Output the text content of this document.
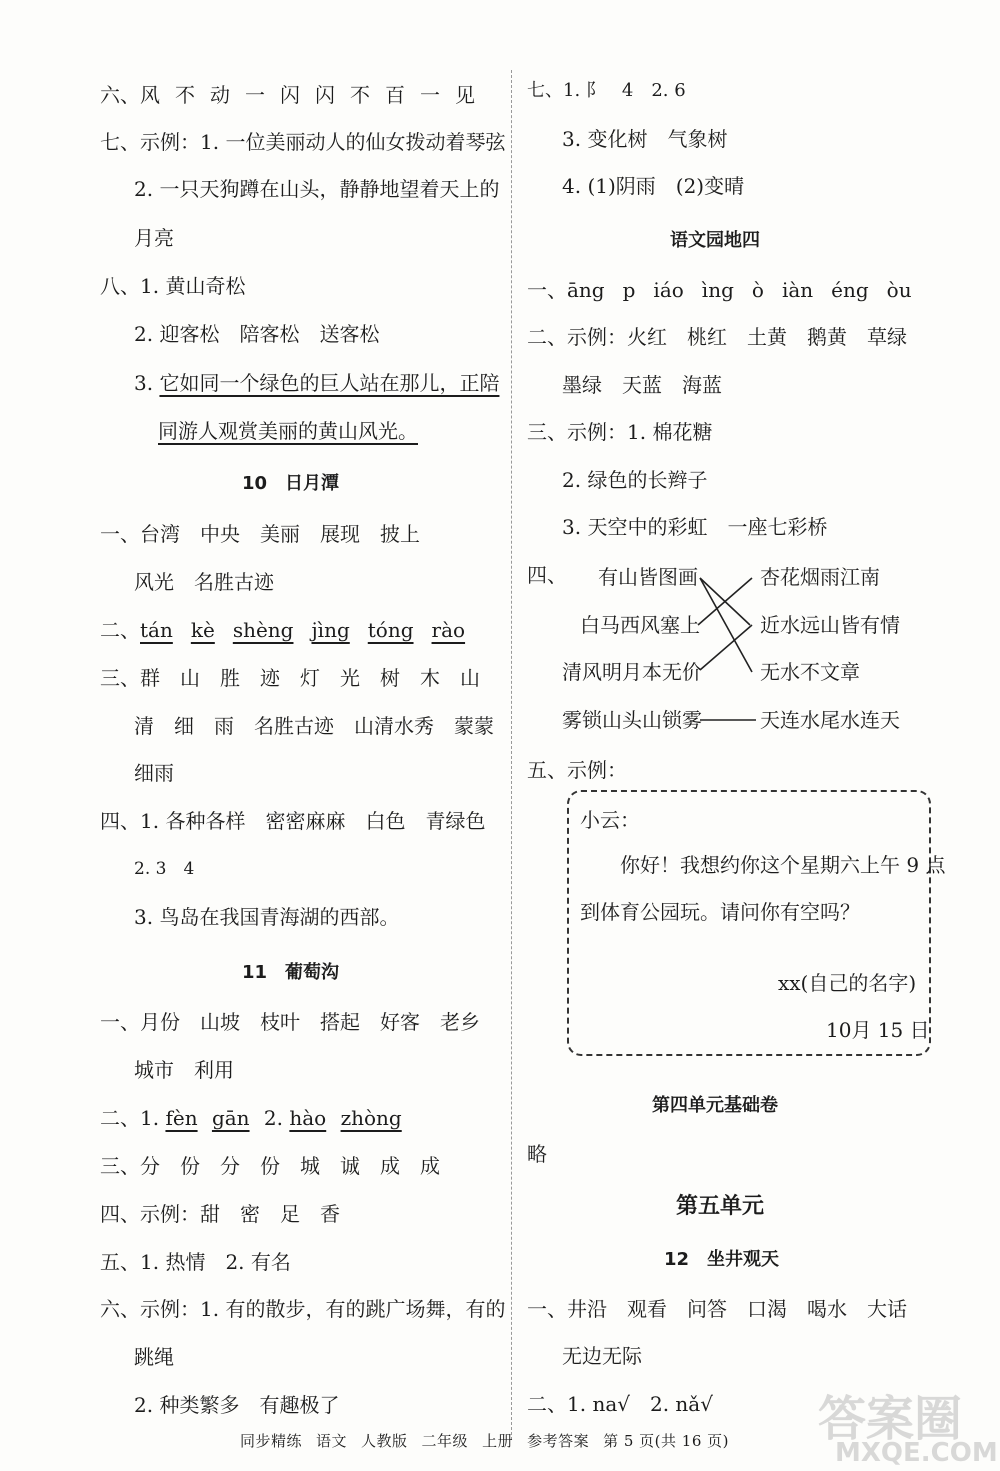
六、风 不 动 一 闪 闪 不 百 一 见
七、示例：1. 一位美丽动人的仙女拨动着琴弦
2. 一只天狗蹲在山头，静静地望着天上的
月亮
八、1. 黄山奇松
2. 迎客松　陪客松　送客松
3. 它如同一个绿色的巨人站在那儿，正陪
同游人观赏美丽的黄山风光。
10　日月潭
一、台湾　中央　美丽　展现　披上
风光　名胜古迹
二、tán kè shèng jìng tóng rào
三、群　山　胜　迹　灯　光　树　木　山
清　细　雨　名胜古迹　山清水秀　蒙蒙
细雨
四、1. 各种各样　密密麻麻　白色　青绿色
2. 3　4
3. 鸟岛在我国青海湖的西部。
11　葡萄沟
一、月份　山坡　枝叶　搭起　好客　老乡
城市　利用
二、1. fèn gān 2. hào zhòng
三、分　份　分　份　城　诚　成　成
四、示例：甜　密　足　香
五、1. 热情　2. 有名
六、示例：1. 有的散步，有的跳广场舞，有的
跳绳
2. 种类繁多　有趣极了
七、1. 阝　4　2. 6
3. 变化树　气象树
4. (1)阴雨　(2)变晴
语文园地四
一、āng p iáo ìng ò iàn éng òu
二、示例：火红　桃红　土黄　鹅黄　草绿
墨绿　天蓝　海蓝
三、示例：1. 棉花糖
2. 绿色的长辫子
3. 天空中的彩虹　一座七彩桥
四、 有山皆图画
白马西风塞上
清风明月本无价
雾锁山头山锁雾
杏花烟雨江南
近水远山皆有情
无水不文章
天连水尾水连天
五、示例：
小云：
你好！我想约你这个星期六上午 9 点
到体育公园玩。请问你有空吗？
xx(自己的名字)
10月 15 日
第四单元基础卷
略
第五单元
12　坐井观天
一、井沿　观看　问答　口渴　喝水　大话
无边无际
二、1. na√　2. nǎ√
同步精练 语文 人教版 二年级 上册 参考答案 第 5 页(共 16 页) 答案圈
MXQE.COM
